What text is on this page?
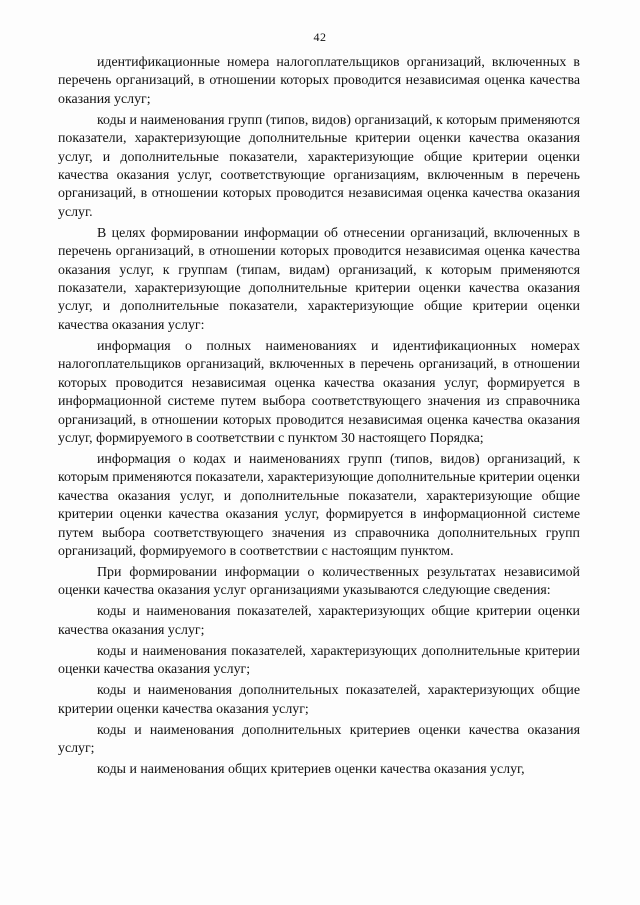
42

идентификационные номера налогоплательщиков организаций, включенных в перечень организаций, в отношении которых проводится независимая оценка качества оказания услуг;

коды и наименования групп (типов, видов) организаций, к которым применяются показатели, характеризующие дополнительные критерии оценки качества оказания услуг, и дополнительные показатели, характеризующие общие критерии оценки качества оказания услуг, соответствующие организациям, включенным в перечень организаций, в отношении которых проводится независимая оценка качества оказания услуг.

В целях формировании информации об отнесении организаций, включенных в перечень организаций, в отношении которых проводится независимая оценка качества оказания услуг, к группам (типам, видам) организаций, к которым применяются показатели, характеризующие дополнительные критерии оценки качества оказания услуг, и дополнительные показатели, характеризующие общие критерии оценки качества оказания услуг:

информация о полных наименованиях и идентификационных номерах налогоплательщиков организаций, включенных в перечень организаций, в отношении которых проводится независимая оценка качества оказания услуг, формируется в информационной системе путем выбора соответствующего значения из справочника организаций, в отношении которых проводится независимая оценка качества оказания услуг, формируемого в соответствии с пунктом 30 настоящего Порядка;

информация о кодах и наименованиях групп (типов, видов) организаций, к которым применяются показатели, характеризующие дополнительные критерии оценки качества оказания услуг, и дополнительные показатели, характеризующие общие критерии оценки качества оказания услуг, формируется в информационной системе путем выбора соответствующего значения из справочника дополнительных групп организаций, формируемого в соответствии с настоящим пунктом.

При формировании информации о количественных результатах независимой оценки качества оказания услуг организациями указываются следующие сведения:

коды и наименования показателей, характеризующих общие критерии оценки качества оказания услуг;

коды и наименования показателей, характеризующих дополнительные критерии оценки качества оказания услуг;

коды и наименования дополнительных показателей, характеризующих общие критерии оценки качества оказания услуг;

коды и наименования дополнительных критериев оценки качества оказания услуг;

коды и наименования общих критериев оценки качества оказания услуг,
